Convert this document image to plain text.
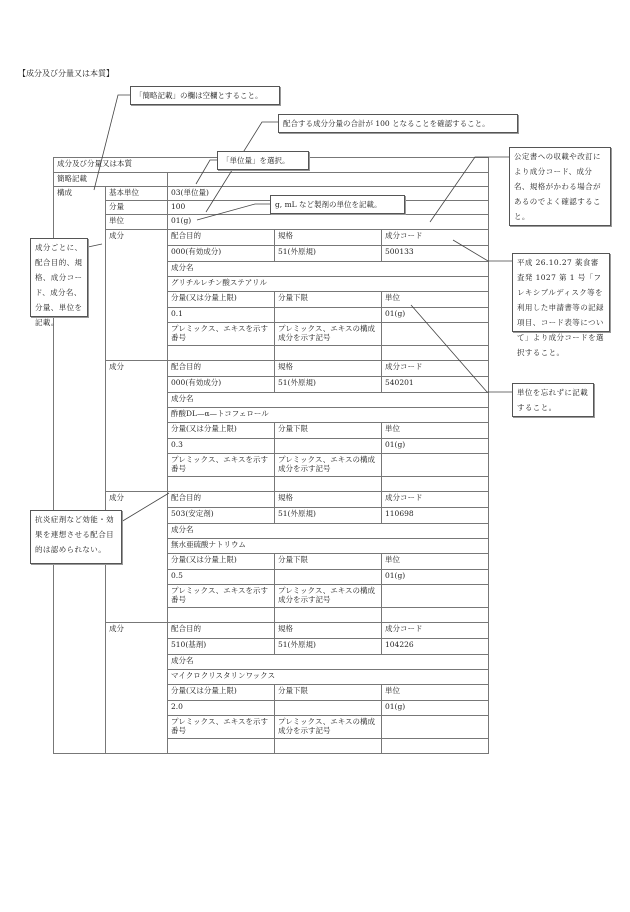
【成分及び分量又は本質】
成分及び分量又は本質				
簡略記載				
構成	基本単位	03(単位量)		
	分量	100		
	単位	01(g)		
	成分	配合目的	規格	成分コード
		000(有効成分)	51(外原規)	500133
		成分名		
		グリチルレチン酸ステアリル		
		分量(又は分量上限)	分量下限	単位
		0.1		01(g)
		プレミックス、エキスを示す番号	プレミックス、エキスの構成成分を示す記号	

	成分	配合目的	規格	成分コード
		000(有効成分)	51(外原規)	540201
		成分名		
		酢酸DL—α—トコフェロール		
		分量(又は分量上限)	分量下限	単位
		0.3		01(g)
		プレミックス、エキスを示す番号	プレミックス、エキスの構成成分を示す記号	

	成分	配合目的	規格	成分コード
		503(安定剤)	51(外原規)	110698
		成分名		
		無水亜硫酸ナトリウム		
		分量(又は分量上限)	分量下限	単位
		0.5		01(g)
		プレミックス、エキスを示す番号	プレミックス、エキスの構成成分を示す記号	

	成分	配合目的	規格	成分コード
		510(基剤)	51(外原規)	104226
		成分名		
		マイクロクリスタリンワックス		
		分量(又は分量上限)	分量下限	単位
		2.0		01(g)
		プレミックス、エキスを示す番号	プレミックス、エキスの構成成分を示す記号	

「簡略記載」の欄は空欄とすること。
配合する成分分量の合計が 100 となることを確認すること。
「単位量」を選択。
g, mL など製剤の単位を記載。
公定書への収載や改訂により成分コード、成分名、規格がかわる場合があるのでよく確認すること。
成分ごとに、配合目的、規格、成分コード、成分名、分量、単位を記載。
平成 26.10.27 薬食審査発 1027 第 1 号「フレキシブルディスク等を利用した申請書等の記録項目、コード表等について」より成分コードを選択すること。
単位を忘れずに記載すること。
抗炎症剤など効能・効果を連想させる配合目的は認められない。
